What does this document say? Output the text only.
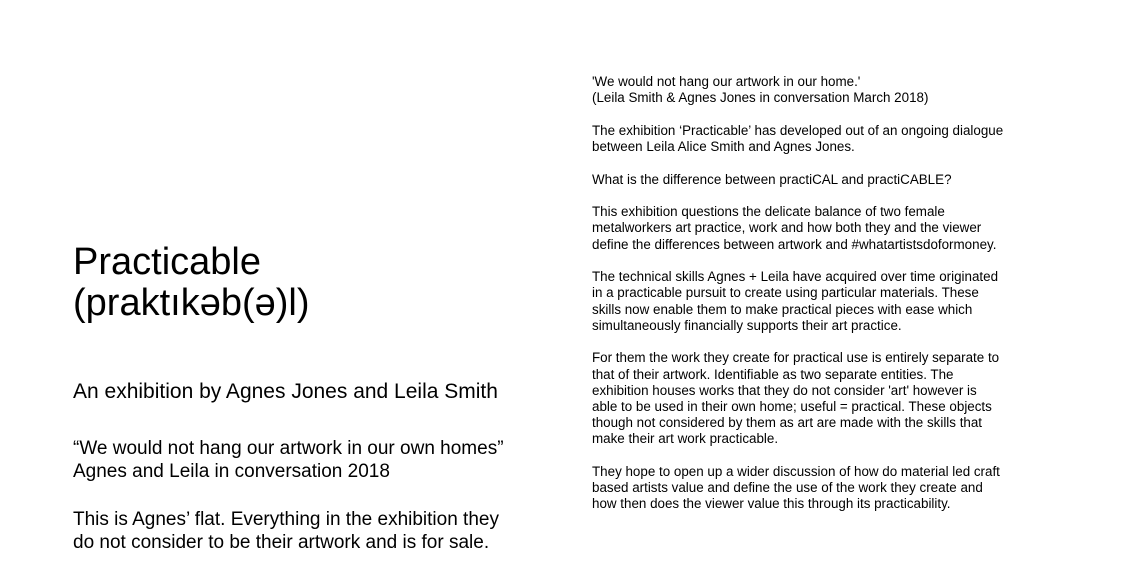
Practicable
(praktıkəb(ə)l)

An exhibition by Agnes Jones and Leila Smith

“We would not hang our artwork in our own homes”
Agnes and Leila in conversation 2018

This is Agnes’ flat. Everything in the exhibition they
do not consider to be their artwork and is for sale.

'We would not hang our artwork in our home.'
(Leila Smith & Agnes Jones in conversation March 2018)

The exhibition ‘Practicable’ has developed out of an ongoing dialogue
between Leila Alice Smith and Agnes Jones.

What is the difference between practiCAL and practiCABLE?

This exhibition questions the delicate balance of two female
metalworkers art practice, work and how both they and the viewer
define the differences between artwork and #whatartistsdoformoney.

The technical skills Agnes + Leila have acquired over time originated
in a practicable pursuit to create using particular materials. These
skills now enable them to make practical pieces with ease which
simultaneously financially supports their art practice.

For them the work they create for practical use is entirely separate to
that of their artwork. Identifiable as two separate entities. The
exhibition houses works that they do not consider 'art' however is
able to be used in their own home; useful = practical. These objects
though not considered by them as art are made with the skills that
make their art work practicable.

They hope to open up a wider discussion of how do material led craft
based artists value and define the use of the work they create and
how then does the viewer value this through its practicability.
